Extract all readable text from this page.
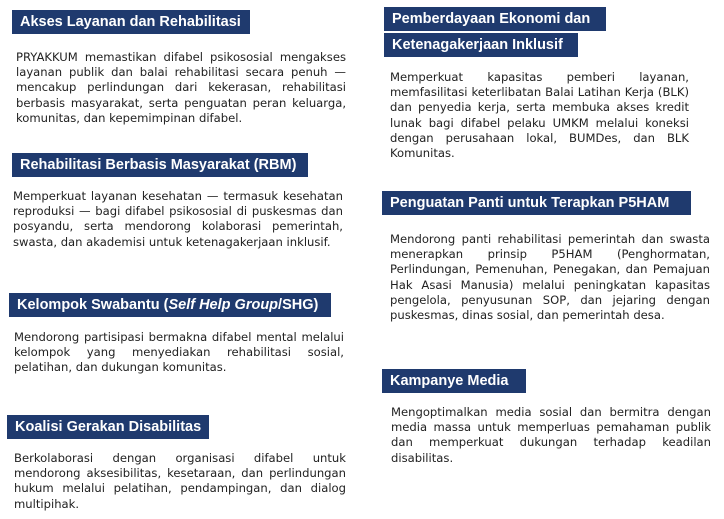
Akses Layanan dan Rehabilitasi
PRYAKKUM memastikan difabel psikososial mengakses layanan publik dan balai rehabilitasi secara penuh — mencakup perlindungan dari kekerasan, rehabilitasi berbasis masyarakat, serta penguatan peran keluarga, komunitas, dan kepemimpinan difabel.
Rehabilitasi Berbasis Masyarakat (RBM)
Memperkuat layanan kesehatan — termasuk kesehatan reproduksi — bagi difabel psikososial di puskesmas dan posyandu, serta mendorong kolaborasi pemerintah, swasta, dan akademisi untuk ketenagakerjaan inklusif.
Kelompok Swabantu (Self Help Group/SHG)
Mendorong partisipasi bermakna difabel mental melalui kelompok yang menyediakan rehabilitasi sosial, pelatihan, dan dukungan komunitas.
Koalisi Gerakan Disabilitas
Berkolaborasi dengan organisasi difabel untuk mendorong aksesibilitas, kesetaraan, dan perlindungan hukum melalui pelatihan, pendampingan, dan dialog multipihak.
Pemberdayaan Ekonomi dan
Ketenagakerjaan Inklusif
Memperkuat kapasitas pemberi layanan, memfasilitasi keterlibatan Balai Latihan Kerja (BLK) dan penyedia kerja, serta membuka akses kredit lunak bagi difabel pelaku UMKM melalui koneksi dengan perusahaan lokal, BUMDes, dan BLK Komunitas.
Penguatan Panti untuk Terapkan P5HAM
Mendorong panti rehabilitasi pemerintah dan swasta menerapkan prinsip P5HAM (Penghormatan, Perlindungan, Pemenuhan, Penegakan, dan Pemajuan Hak Asasi Manusia) melalui peningkatan kapasitas pengelola, penyusunan SOP, dan jejaring dengan puskesmas, dinas sosial, dan pemerintah desa.
Kampanye Media
Mengoptimalkan media sosial dan bermitra dengan media massa untuk memperluas pemahaman publik dan memperkuat dukungan terhadap keadilan disabilitas.
